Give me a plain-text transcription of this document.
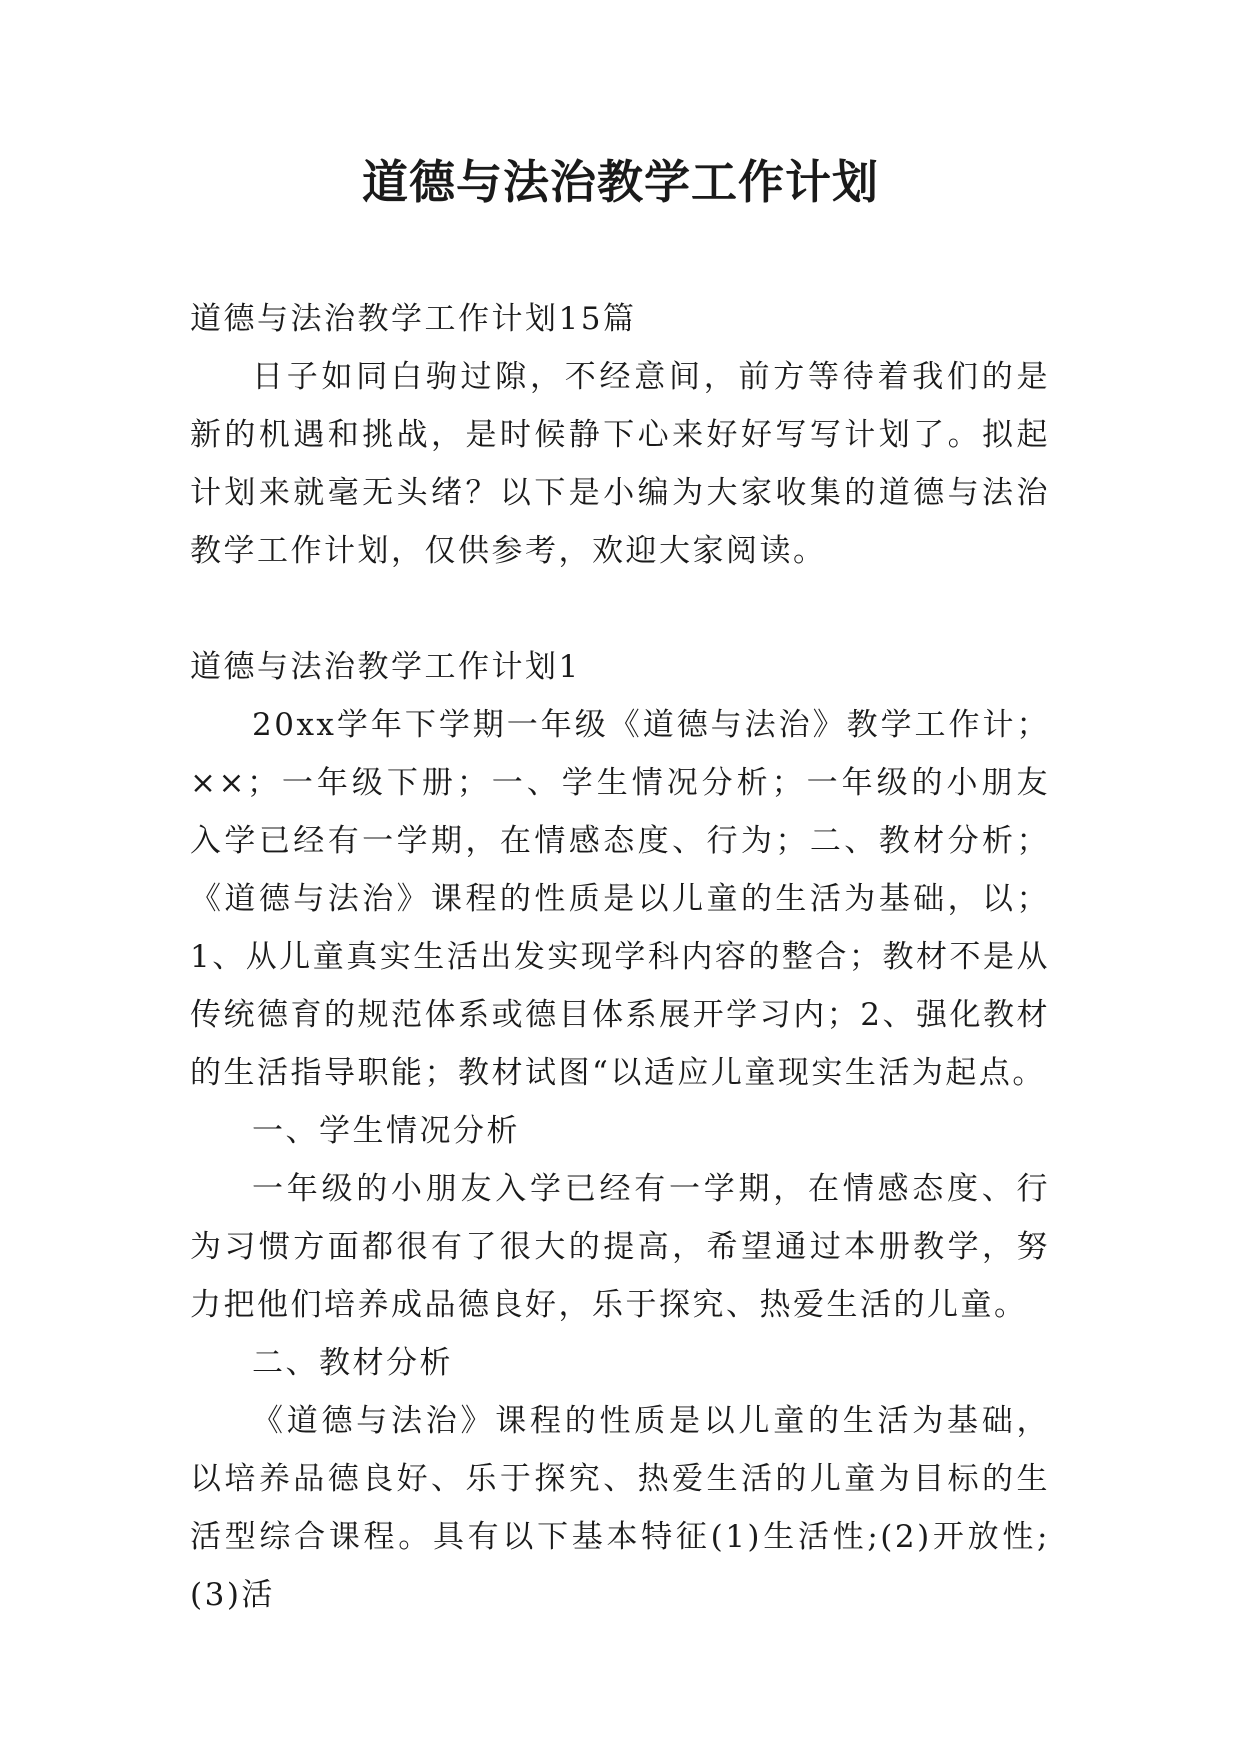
道德与法治教学工作计划

道德与法治教学工作计划15篇

日子如同白驹过隙，不经意间，前方等待着我们的是新的机遇和挑战，是时候静下心来好好写写计划了。拟起计划来就毫无头绪？以下是小编为大家收集的道德与法治教学工作计划，仅供参考，欢迎大家阅读。

道德与法治教学工作计划1

20xx学年下学期一年级《道德与法治》教学工作计；××；一年级下册；一、学生情况分析；一年级的小朋友入学已经有一学期，在情感态度、行为；二、教材分析；《道德与法治》课程的性质是以儿童的生活为基础，以；1、从儿童真实生活出发实现学科内容的整合；教材不是从传统德育的规范体系或德目体系展开学习内；2、强化教材的生活指导职能；教材试图“以适应儿童现实生活为起点。

一、学生情况分析

一年级的小朋友入学已经有一学期，在情感态度、行为习惯方面都很有了很大的提高，希望通过本册教学，努力把他们培养成品德良好，乐于探究、热爱生活的儿童。

二、教材分析

《道德与法治》课程的性质是以儿童的生活为基础，以培养品德良好、乐于探究、热爱生活的儿童为目标的生活型综合课程。具有以下基本特征(1)生活性;(2)开放性;(3)活
